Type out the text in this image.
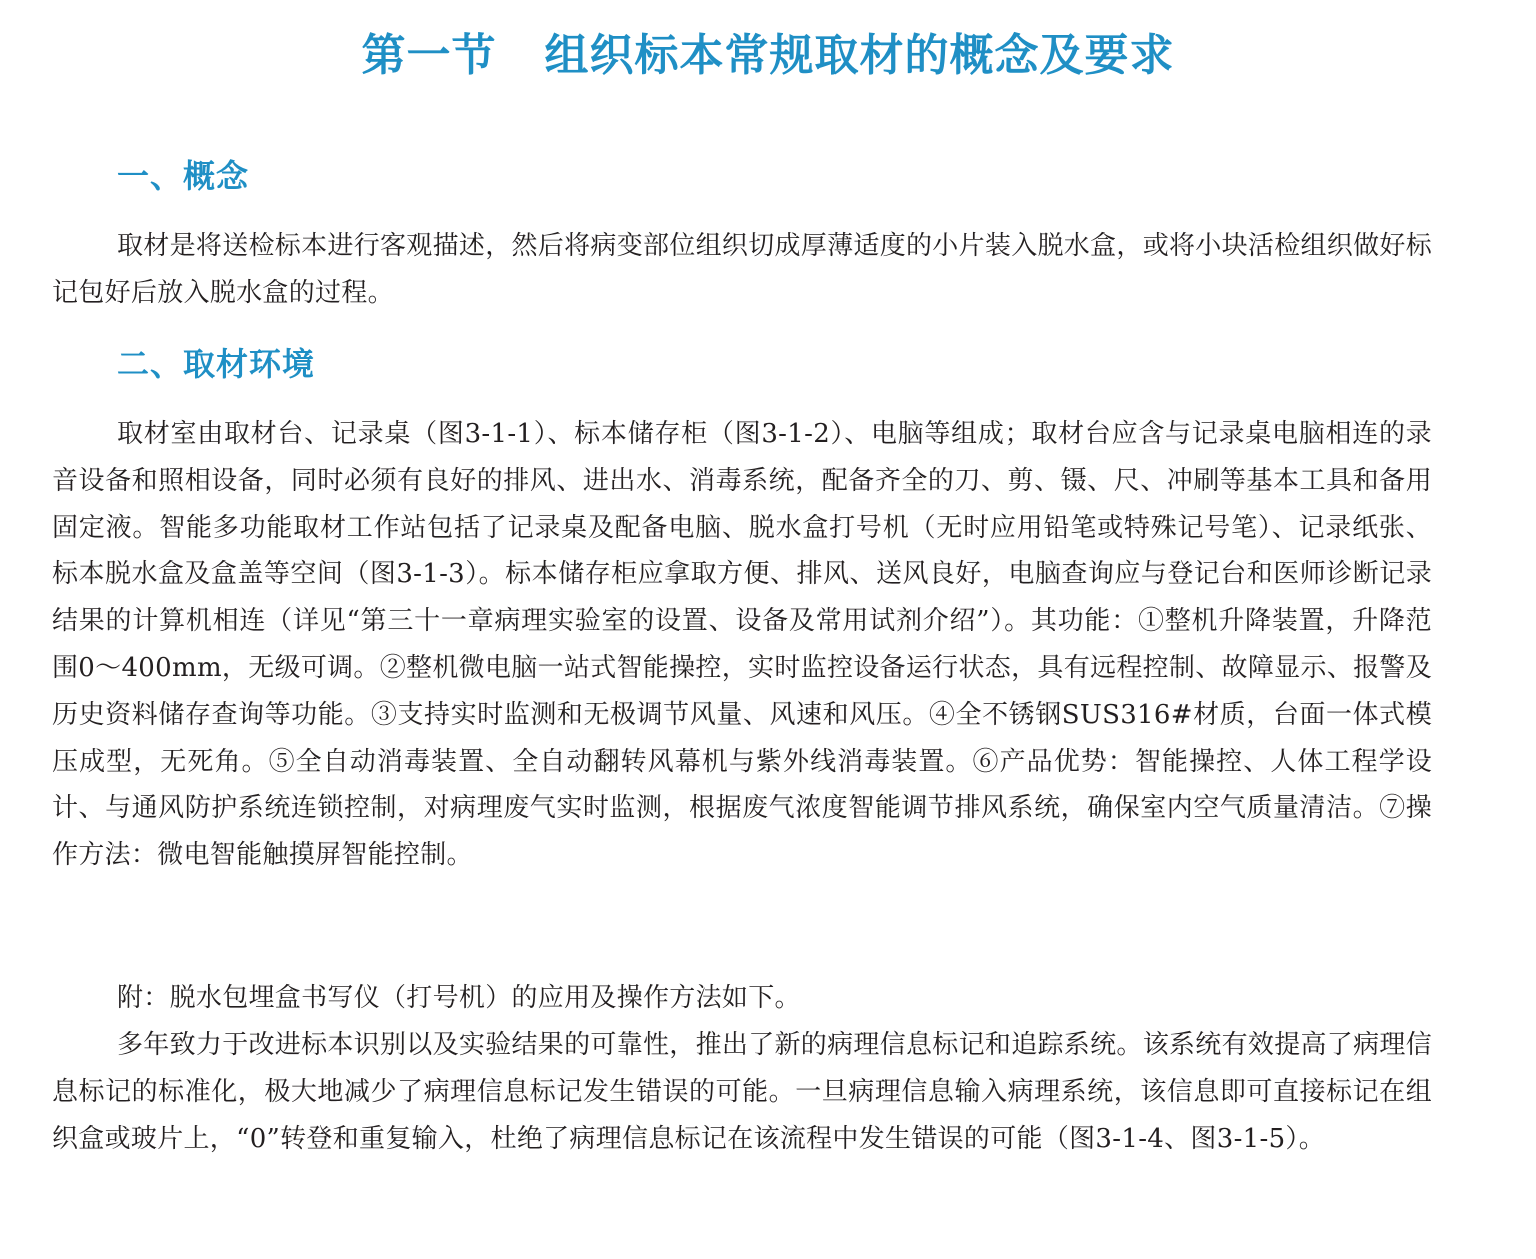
第一节 组织标本常规取材的概念及要求
一、概念

取材是将送检标本进行客观描述，然后将病变部位组织切成厚薄适度的小片装入脱水盒，或将小块活检组织做好标记包好后放入脱水盒的过程。

二、取材环境

取材室由取材台、记录桌（图3-1-1）、标本储存柜（图3-1-2）、电脑等组成；取材台应含与记录桌电脑相连的录音设备和照相设备，同时必须有良好的排风、进出水、消毒系统，配备齐全的刀、剪、镊、尺、冲刷等基本工具和备用固定液。智能多功能取材工作站包括了记录桌及配备电脑、脱水盒打号机（无时应用铅笔或特殊记号笔）、记录纸张、标本脱水盒及盒盖等空间（图3-1-3）。标本储存柜应拿取方便、排风、送风良好，电脑查询应与登记台和医师诊断记录结果的计算机相连（详见“第三十一章病理实验室的设置、设备及常用试剂介绍”）。其功能：①整机升降装置，升降范围0～400mm，无级可调。②整机微电脑一站式智能操控，实时监控设备运行状态，具有远程控制、故障显示、报警及历史资料储存查询等功能。③支持实时监测和无极调节风量、风速和风压。④全不锈钢SUS316#材质，台面一体式模压成型，无死角。⑤全自动消毒装置、全自动翻转风幕机与紫外线消毒装置。⑥产品优势：智能操控、人体工程学设计、与通风防护系统连锁控制，对病理废气实时监测，根据废气浓度智能调节排风系统，确保室内空气质量清洁。⑦操作方法：微电智能触摸屏智能控制。

附：脱水包埋盒书写仪（打号机）的应用及操作方法如下。

多年致力于改进标本识别以及实验结果的可靠性，推出了新的病理信息标记和追踪系统。该系统有效提高了病理信息标记的标准化，极大地减少了病理信息标记发生错误的可能。一旦病理信息输入病理系统，该信息即可直接标记在组织盒或玻片上，“0”转登和重复输入，杜绝了病理信息标记在该流程中发生错误的可能（图3-1-4、图3-1-5）。
